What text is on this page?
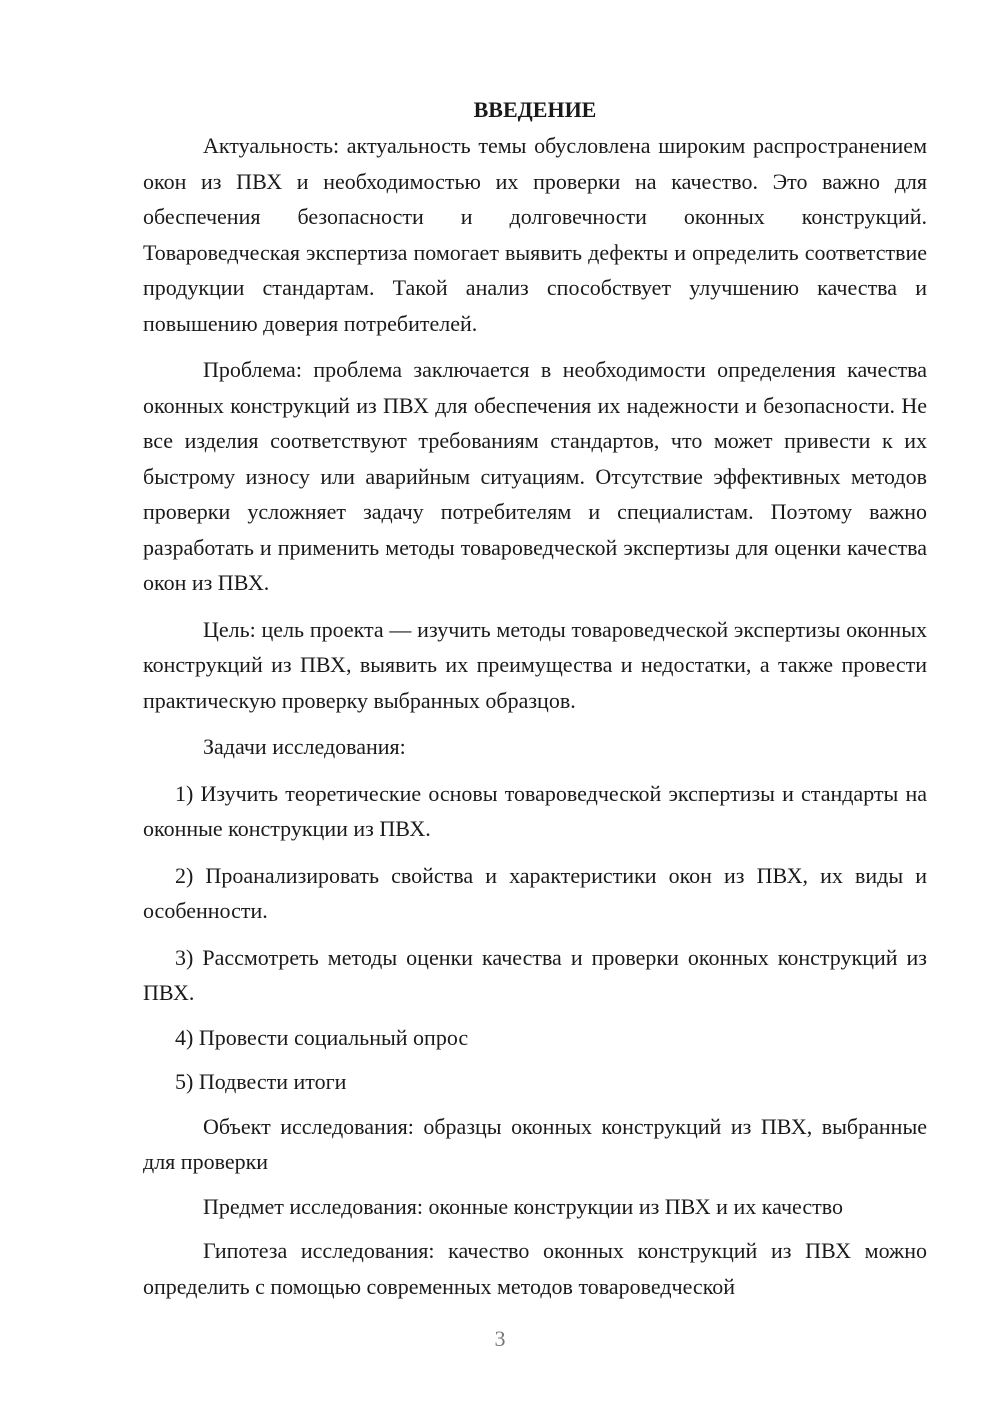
ВВЕДЕНИЕ

Актуальность: актуальность темы обусловлена широким распространением окон из ПВХ и необходимостью их проверки на качество. Это важно для обеспечения безопасности и долговечности оконных конструкций. Товароведческая экспертиза помогает выявить дефекты и определить соответствие продукции стандартам. Такой анализ способствует улучшению качества и повышению доверия потребителей.

Проблема: проблема заключается в необходимости определения качества оконных конструкций из ПВХ для обеспечения их надежности и безопасности. Не все изделия соответствуют требованиям стандартов, что может привести к их быстрому износу или аварийным ситуациям. Отсутствие эффективных методов проверки усложняет задачу потребителям и специалистам. Поэтому важно разработать и применить методы товароведческой экспертизы для оценки качества окон из ПВХ.

Цель: цель проекта — изучить методы товароведческой экспертизы оконных конструкций из ПВХ, выявить их преимущества и недостатки, а также провести практическую проверку выбранных образцов.

Задачи исследования:

1) Изучить теоретические основы товароведческой экспертизы и стандарты на оконные конструкции из ПВХ.

2) Проанализировать свойства и характеристики окон из ПВХ, их виды и особенности.

3) Рассмотреть методы оценки качества и проверки оконных конструкций из ПВХ.

4) Провести социальный опрос

5) Подвести итоги

Объект исследования: образцы оконных конструкций из ПВХ, выбранные для проверки

Предмет исследования: оконные конструкции из ПВХ и их качество

Гипотеза исследования: качество оконных конструкций из ПВХ можно определить с помощью современных методов товароведческой

3
